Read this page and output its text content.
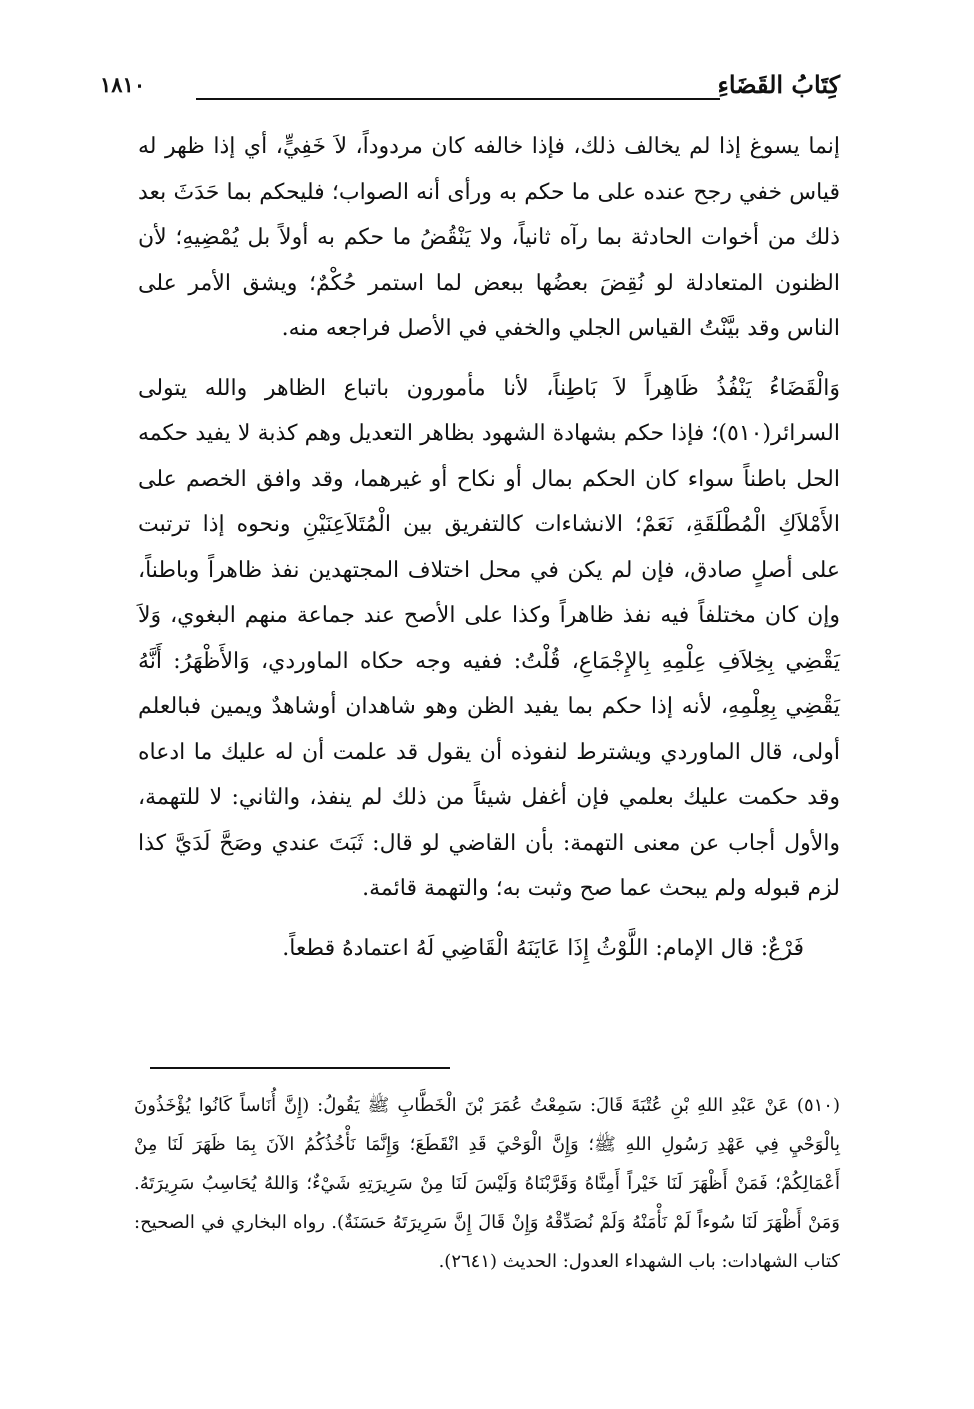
كِتَابُ القَضَاءِ
١٨١٠

إنما يسوغ إذا لم يخالف ذلك، فإذا خالفه كان مردوداً، لاَ خَفِيٍّ، أي إذا ظهر له قياس خفي رجح عنده على ما حكم به ورأى أنه الصواب؛ فليحكم بما حَدَثَ بعد ذلك من أخوات الحادثة بما رآه ثانياً، ولا يَنْقُضُ ما حكم به أولاً بل يُمْضِيهِ؛ لأن الظنون المتعادلة لو نُقِضَ بعضُها ببعض لما استمر حُكْمٌ؛ ويشق الأمر على الناس وقد بيَّنْتُ القياس الجلي والخفي في الأصل فراجعه منه.

وَالْقَضَاءُ يَنْفُذُ ظَاهِراً لاَ بَاطِناً، لأنا مأمورون باتباع الظاهر والله يتولى السرائر(٥١٠)؛ فإذا حكم بشهادة الشهود بظاهر التعديل وهم كذبة لا يفيد حكمه الحل باطناً سواء كان الحكم بمال أو نكاح أو غيرهما، وقد وافق الخصم على الأَمْلاَكِ الْمُطْلَقَةِ، نَعَمْ؛ الانشاءات كالتفريق بين الْمُتَلاَعِنَيْنِ ونحوه إذا ترتبت على أصلٍ صادق، فإن لم يكن في محل اختلاف المجتهدين نفذ ظاهراً وباطناً، وإن كان مختلفاً فيه نفذ ظاهراً وكذا على الأصح عند جماعة منهم البغوي، وَلاَ يَقْضِي بِخِلاَفِ عِلْمِهِ بِالإِجْمَاعِ، قُلْتُ: ففيه وجه حكاه الماوردي، وَالأَظْهَرُ: أَنَّهُ يَقْضِي بِعِلْمِهِ، لأنه إذا حكم بما يفيد الظن وهو شاهدان أوشاهدٌ ويمين فبالعلم أولى، قال الماوردي ويشترط لنفوذه أن يقول قد علمت أن له عليك ما ادعاه وقد حكمت عليك بعلمي فإن أغفل شيئاً من ذلك لم ينفذ، والثاني: لا للتهمة، والأول أجاب عن معنى التهمة: بأن القاضي لو قال: ثَبَتَ عندي وصَحَّ لَدَيَّ كذا لزم قبوله ولم يبحث عما صح وثبت به؛ والتهمة قائمة.

فَرْعٌ: قال الإمام: اللَّوْثُ إِذَا عَايَنَهُ الْقَاضِي لَهُ اعتمادهُ قطعاً.

(٥١٠) عَنْ عَبْدِ اللهِ بْنِ عُتْبَةَ قَالَ: سَمِعْتُ عُمَرَ بْنَ الْخَطَّابِ ﷺ يَقُولُ: (إِنَّ أُنَاساً كَانُوا يُؤْخَذُونَ بِالْوَحْيِ فِي عَهْدِ رَسُولِ اللهِ ﷺ؛ وَإِنَّ الْوَحْيَ قَدِ انْقَطَعَ؛ وَإِنَّمَا نَأْخُذُكُمُ الآنَ بِمَا ظَهَرَ لَنَا مِنْ أَعْمَالِكُمْ؛ فَمَنْ أَظْهَرَ لَنَا خَيْراً أَمِنَّاهُ وَقَرَّبْنَاهُ وَلَيْسَ لَنَا مِنْ سَرِيرَتِهِ شَيْءٌ؛ وَاللهُ يُحَاسِبُ سَرِيرَتَهُ. وَمَنْ أَظْهَرَ لَنَا سُوءاً لَمْ نَأْمَنْهُ وَلَمْ نُصَدِّقْهُ وَإِنْ قَالَ إِنَّ سَرِيرَتَهُ حَسَنَةٌ). رواه البخاري في الصحيح: كتاب الشهادات: باب الشهداء العدول: الحديث (٢٦٤١).
